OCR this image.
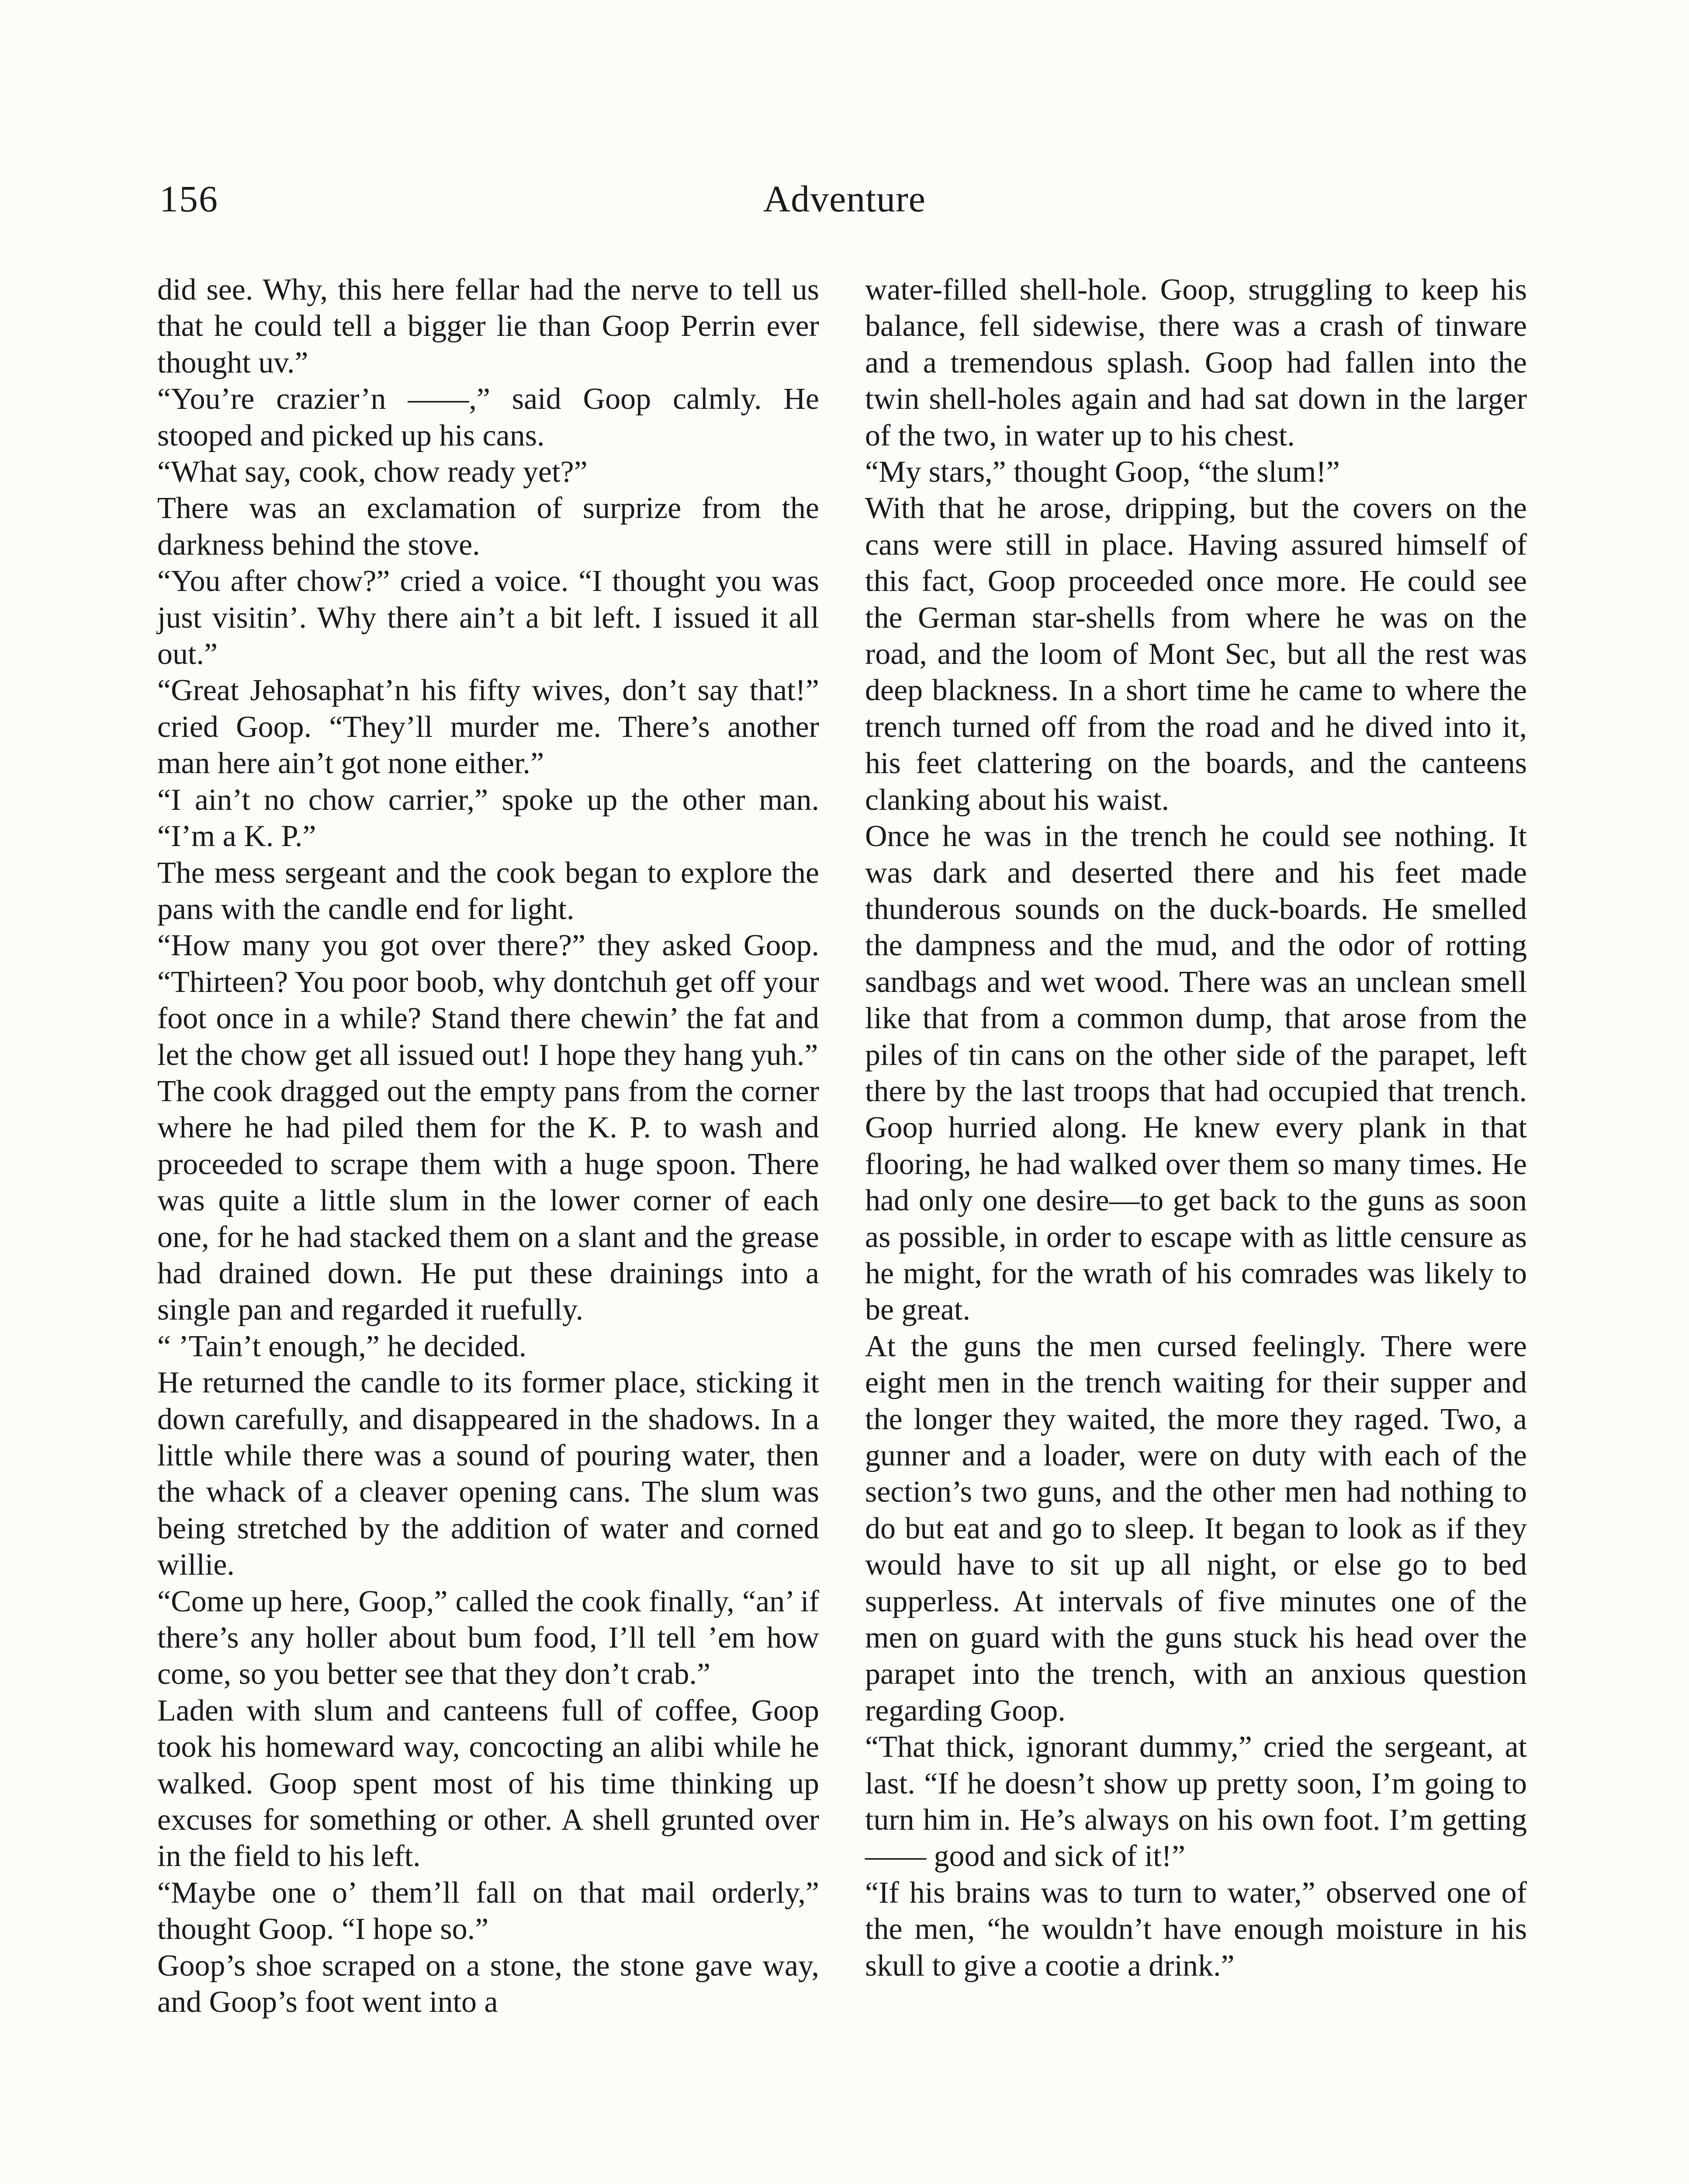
156	Adventure

did see. Why, this here fellar had the nerve to tell us that he could tell a bigger lie than Goop Perrin ever thought uv.”

“You’re crazier’n ——,” said Goop calmly. He stooped and picked up his cans.

“What say, cook, chow ready yet?”

There was an exclamation of surprize from the darkness behind the stove.

“You after chow?” cried a voice. “I thought you was just visitin’. Why there ain’t a bit left. I issued it all out.”

“Great Jehosaphat’n his fifty wives, don’t say that!” cried Goop. “They’ll murder me. There’s another man here ain’t got none either.”

“I ain’t no chow carrier,” spoke up the other man. “I’m a K. P.”

The mess sergeant and the cook began to explore the pans with the candle end for light.

“How many you got over there?” they asked Goop. “Thirteen? You poor boob, why dontchuh get off your foot once in a while? Stand there chewin’ the fat and let the chow get all issued out! I hope they hang yuh.”

The cook dragged out the empty pans from the corner where he had piled them for the K. P. to wash and proceeded to scrape them with a huge spoon. There was quite a little slum in the lower corner of each one, for he had stacked them on a slant and the grease had drained down. He put these drainings into a single pan and regarded it ruefully.

“ ’Tain’t enough,” he decided.

He returned the candle to its former place, sticking it down carefully, and disappeared in the shadows. In a little while there was a sound of pouring water, then the whack of a cleaver opening cans. The slum was being stretched by the addition of water and corned willie.

“Come up here, Goop,” called the cook finally, “an’ if there’s any holler about bum food, I’ll tell ’em how come, so you better see that they don’t crab.”

Laden with slum and canteens full of coffee, Goop took his homeward way, concocting an alibi while he walked. Goop spent most of his time thinking up excuses for something or other. A shell grunted over in the field to his left.

“Maybe one o’ them’ll fall on that mail orderly,” thought Goop. “I hope so.”

Goop’s shoe scraped on a stone, the stone gave way, and Goop’s foot went into a

water-filled shell-hole. Goop, struggling to keep his balance, fell sidewise, there was a crash of tinware and a tremendous splash. Goop had fallen into the twin shell-holes again and had sat down in the larger of the two, in water up to his chest.

“My stars,” thought Goop, “the slum!”

With that he arose, dripping, but the covers on the cans were still in place. Having assured himself of this fact, Goop proceeded once more. He could see the German star-shells from where he was on the road, and the loom of Mont Sec, but all the rest was deep blackness. In a short time he came to where the trench turned off from the road and he dived into it, his feet clattering on the boards, and the canteens clanking about his waist.

Once he was in the trench he could see nothing. It was dark and deserted there and his feet made thunderous sounds on the duck-boards. He smelled the dampness and the mud, and the odor of rotting sandbags and wet wood. There was an unclean smell like that from a common dump, that arose from the piles of tin cans on the other side of the parapet, left there by the last troops that had occupied that trench. Goop hurried along. He knew every plank in that flooring, he had walked over them so many times. He had only one desire—to get back to the guns as soon as possible, in order to escape with as little censure as he might, for the wrath of his comrades was likely to be great.

At the guns the men cursed feelingly. There were eight men in the trench waiting for their supper and the longer they waited, the more they raged. Two, a gunner and a loader, were on duty with each of the section’s two guns, and the other men had nothing to do but eat and go to sleep. It began to look as if they would have to sit up all night, or else go to bed supperless. At intervals of five minutes one of the men on guard with the guns stuck his head over the parapet into the trench, with an anxious question regarding Goop.

“That thick, ignorant dummy,” cried the sergeant, at last. “If he doesn’t show up pretty soon, I’m going to turn him in. He’s always on his own foot. I’m getting —— good and sick of it!”

“If his brains was to turn to water,” observed one of the men, “he wouldn’t have enough moisture in his skull to give a cootie a drink.”
